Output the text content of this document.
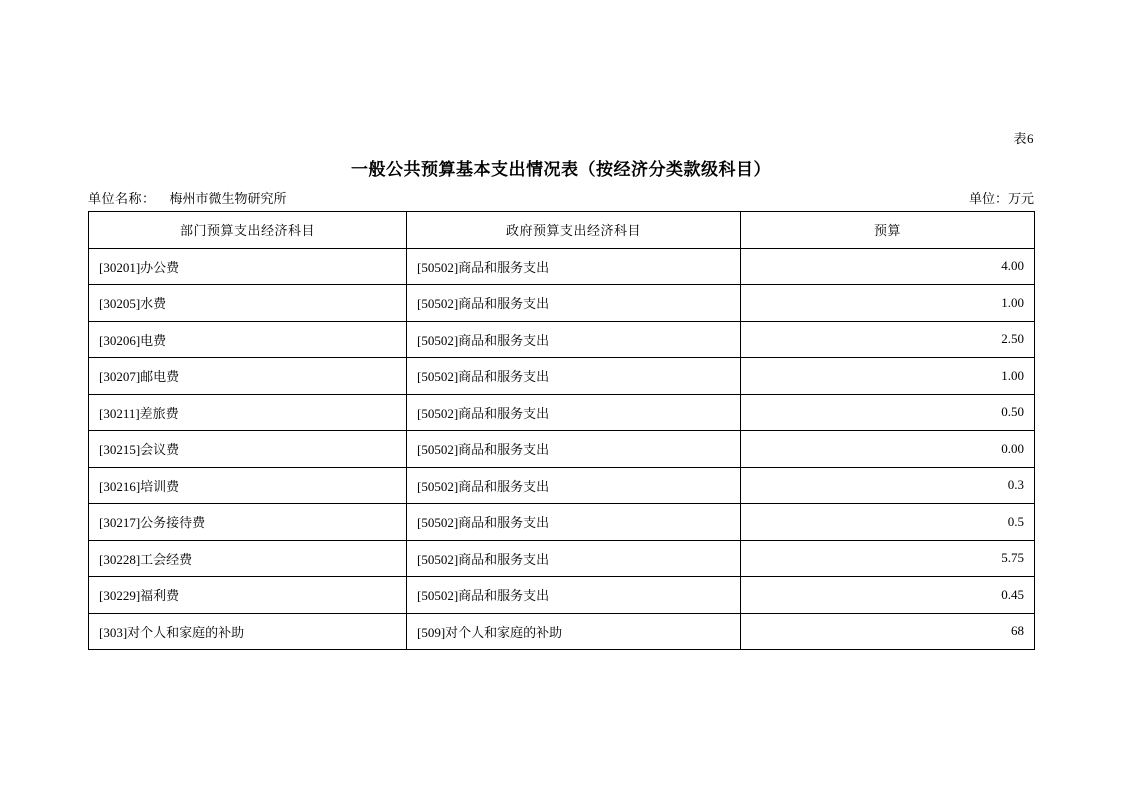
表6
一般公共预算基本支出情况表（按经济分类款级科目）
单位名称： 梅州市微生物研究所	单位：万元
部门预算支出经济科目	政府预算支出经济科目	预算
[30201]办公费	[50502]商品和服务支出	4.00
[30205]水费	[50502]商品和服务支出	1.00
[30206]电费	[50502]商品和服务支出	2.50
[30207]邮电费	[50502]商品和服务支出	1.00
[30211]差旅费	[50502]商品和服务支出	0.50
[30215]会议费	[50502]商品和服务支出	0.00
[30216]培训费	[50502]商品和服务支出	0.3
[30217]公务接待费	[50502]商品和服务支出	0.5
[30228]工会经费	[50502]商品和服务支出	5.75
[30229]福利费	[50502]商品和服务支出	0.45
[303]对个人和家庭的补助	[509]对个人和家庭的补助	68
